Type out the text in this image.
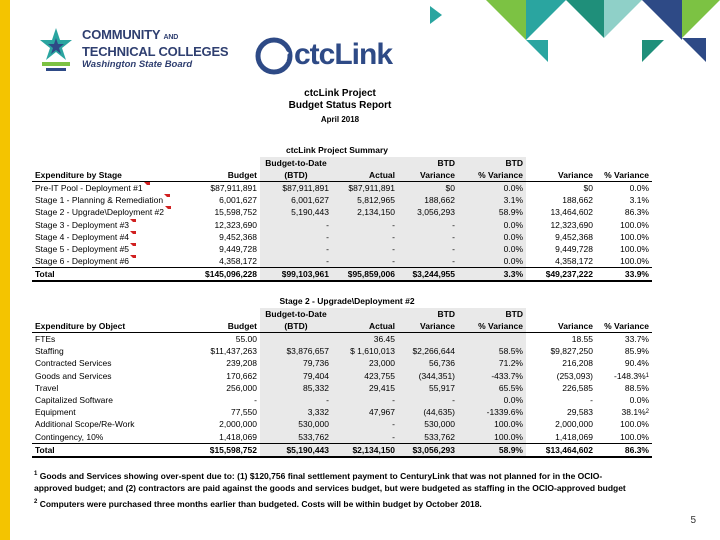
COMMUNITY AND
TECHNICAL COLLEGES
Washington State Board	ctcLink
ctcLink Project
Budget Status Report
April 2018
ctcLink Project Summary
		Budget-to-Date		BTD	BTD		
Expenditure by Stage	Budget	(BTD)	Actual	Variance	% Variance	Variance	% Variance
Pre-IT Pool - Deployment #1	$87,911,891	$87,911,891	$87,911,891	$0	0.0%	$0	0.0%
Stage 1 - Planning & Remediation	6,001,627	6,001,627	5,812,965	188,662	3.1%	188,662	3.1%
Stage 2 - Upgrade\Deployment #2	15,598,752	5,190,443	2,134,150	3,056,293	58.9%	13,464,602	86.3%
Stage 3 - Deployment #3	12,323,690	-	-	-	0.0%	12,323,690	100.0%
Stage 4 - Deployment #4	9,452,368	-	-	-	0.0%	9,452,368	100.0%
Stage 5 - Deployment #5	9,449,728	-	-	-	0.0%	9,449,728	100.0%
Stage 6 - Deployment #6	4,358,172	-	-	-	0.0%	4,358,172	100.0%
Total	$145,096,228	$99,103,961	$95,859,006	$3,244,955	3.3%	$49,237,222	33.9%
Stage 2 - Upgrade\Deployment #2
		Budget-to-Date		BTD	BTD		
Expenditure by Object	Budget	(BTD)	Actual	Variance	% Variance	Variance	% Variance
FTEs	55.00		36.45			18.55	33.7%
Staffing	$11,437,263	$3,876,657	$ 1,610,013	$2,266,644	58.5%	$9,827,250	85.9%
Contracted Services	239,208	79,736	23,000	56,736	71.2%	216,208	90.4%
Goods and Services	170,662	79,404	423,755	(344,351)	-433.7%	(253,093)	-148.3%$^1$
Travel	256,000	85,332	29,415	55,917	65.5%	226,585	88.5%
Capitalized Software	-	-	-	-	0.0%	-	0.0%
Equipment	77,550	3,332	47,967	(44,635)	-1339.6%	29,583	38.1%$^2$
Additional Scope/Re-Work	2,000,000	530,000	-	530,000	100.0%	2,000,000	100.0%
Contingency, 10%	1,418,069	533,762	-	533,762	100.0%	1,418,069	100.0%
Total	$15,598,752	$5,190,443	$2,134,150	$3,056,293	58.9%	$13,464,602	86.3%

$^1$ Goods and Services showing over-spent due to: (1) $120,756 final settlement payment to CenturyLink that was not planned for in the OCIO-
approved budget; and (2) contractors are paid against the goods and services budget, but were budgeted as staffing in the OCIO-approved budget

$^2$ Computers were purchased three months earlier than budgeted. Costs will be within budget by October 2018.

5
